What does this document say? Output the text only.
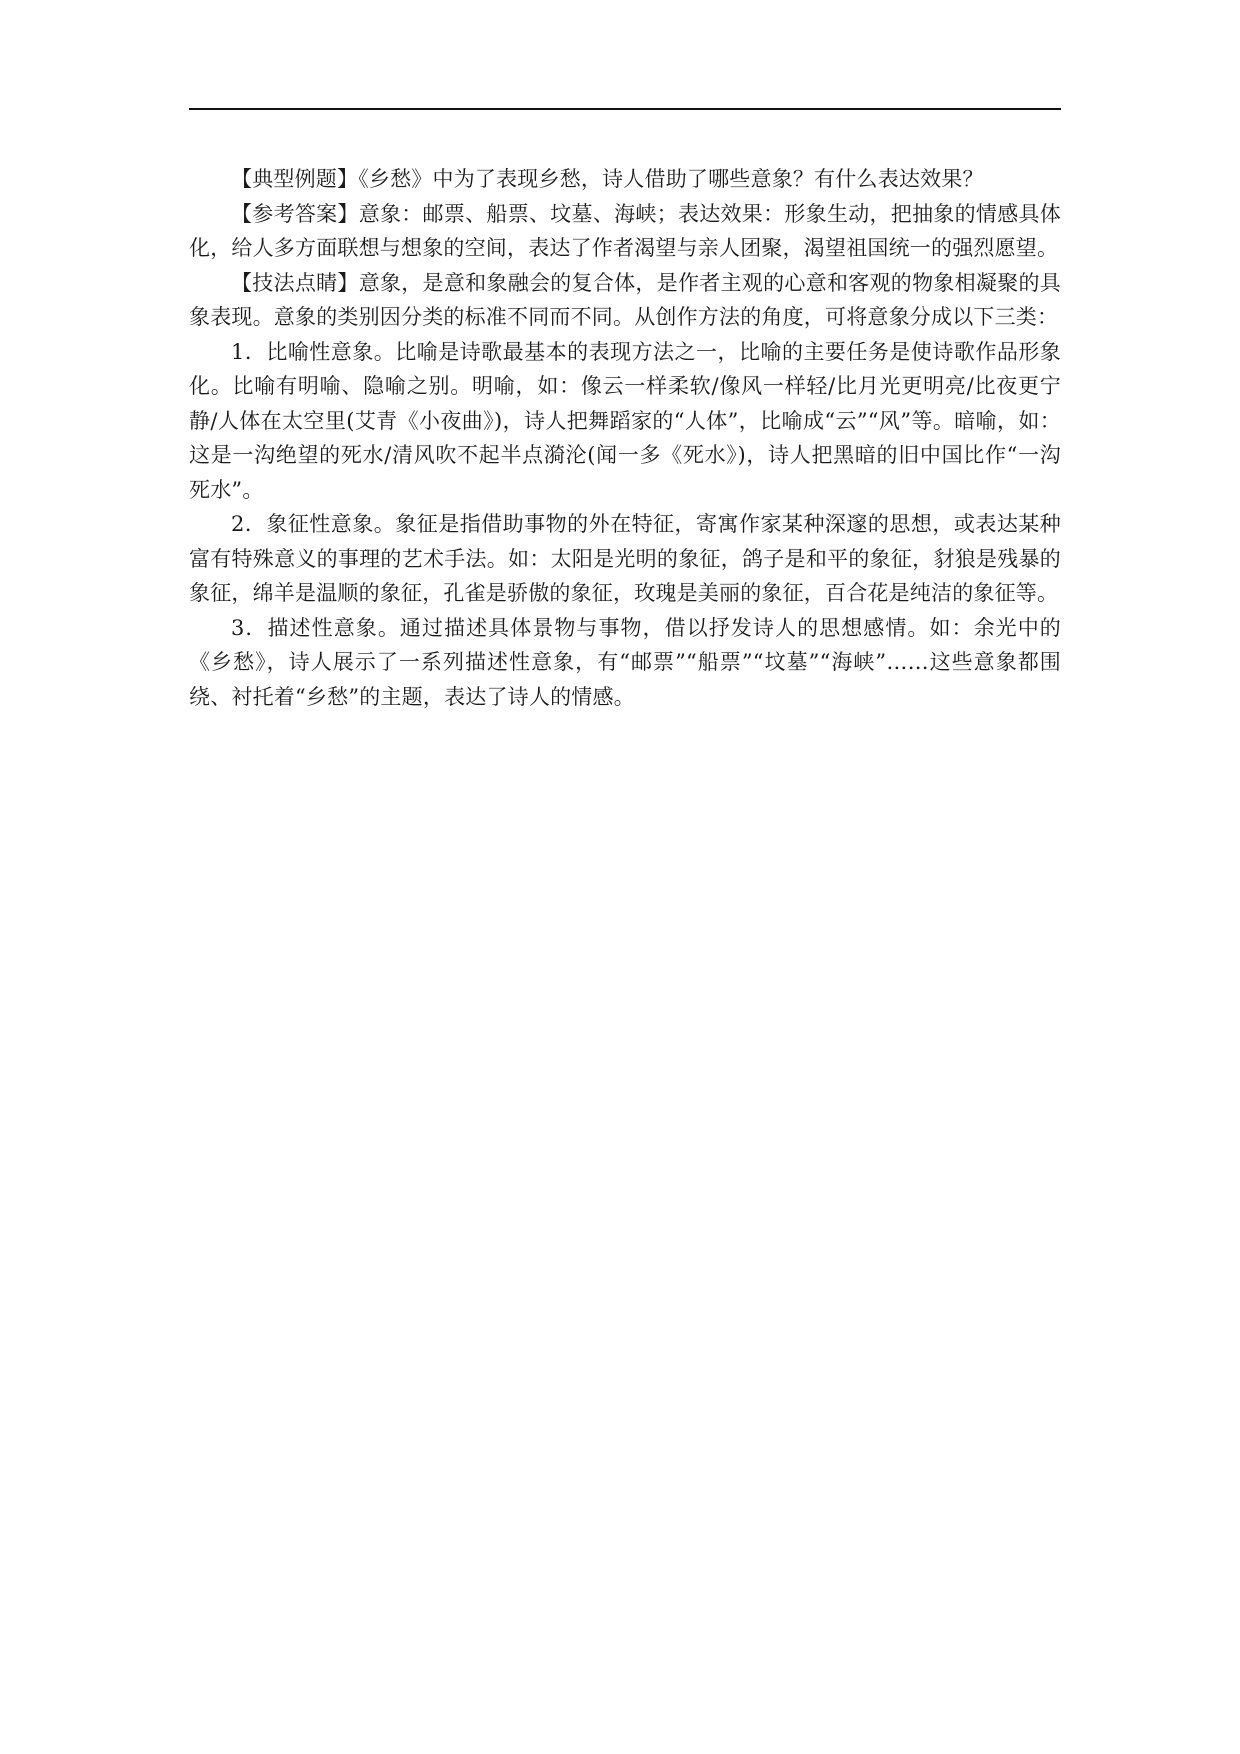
【典型例题】《乡愁》中为了表现乡愁，诗人借助了哪些意象？有什么表达效果？

【参考答案】意象：邮票、船票、坟墓、海峡；表达效果：形象生动，把抽象的情感具体化，给人多方面联想与想象的空间，表达了作者渴望与亲人团聚，渴望祖国统一的强烈愿望。

【技法点睛】意象，是意和象融会的复合体，是作者主观的心意和客观的物象相凝聚的具象表现。意象的类别因分类的标准不同而不同。从创作方法的角度，可将意象分成以下三类：

1．比喻性意象。比喻是诗歌最基本的表现方法之一，比喻的主要任务是使诗歌作品形象化。比喻有明喻、隐喻之别。明喻，如：像云一样柔软/像风一样轻/比月光更明亮/比夜更宁静/人体在太空里(艾青《小夜曲》)，诗人把舞蹈家的“人体”，比喻成“云”“风”等。暗喻，如：这是一沟绝望的死水/清风吹不起半点漪沦(闻一多《死水》)，诗人把黑暗的旧中国比作“一沟死水”。

2．象征性意象。象征是指借助事物的外在特征，寄寓作家某种深邃的思想，或表达某种富有特殊意义的事理的艺术手法。如：太阳是光明的象征，鸽子是和平的象征，豺狼是残暴的象征，绵羊是温顺的象征，孔雀是骄傲的象征，玫瑰是美丽的象征，百合花是纯洁的象征等。

3．描述性意象。通过描述具体景物与事物，借以抒发诗人的思想感情。如：余光中的《乡愁》，诗人展示了一系列描述性意象，有“邮票”“船票”“坟墓”“海峡”……这些意象都围绕、衬托着“乡愁”的主题，表达了诗人的情感。
